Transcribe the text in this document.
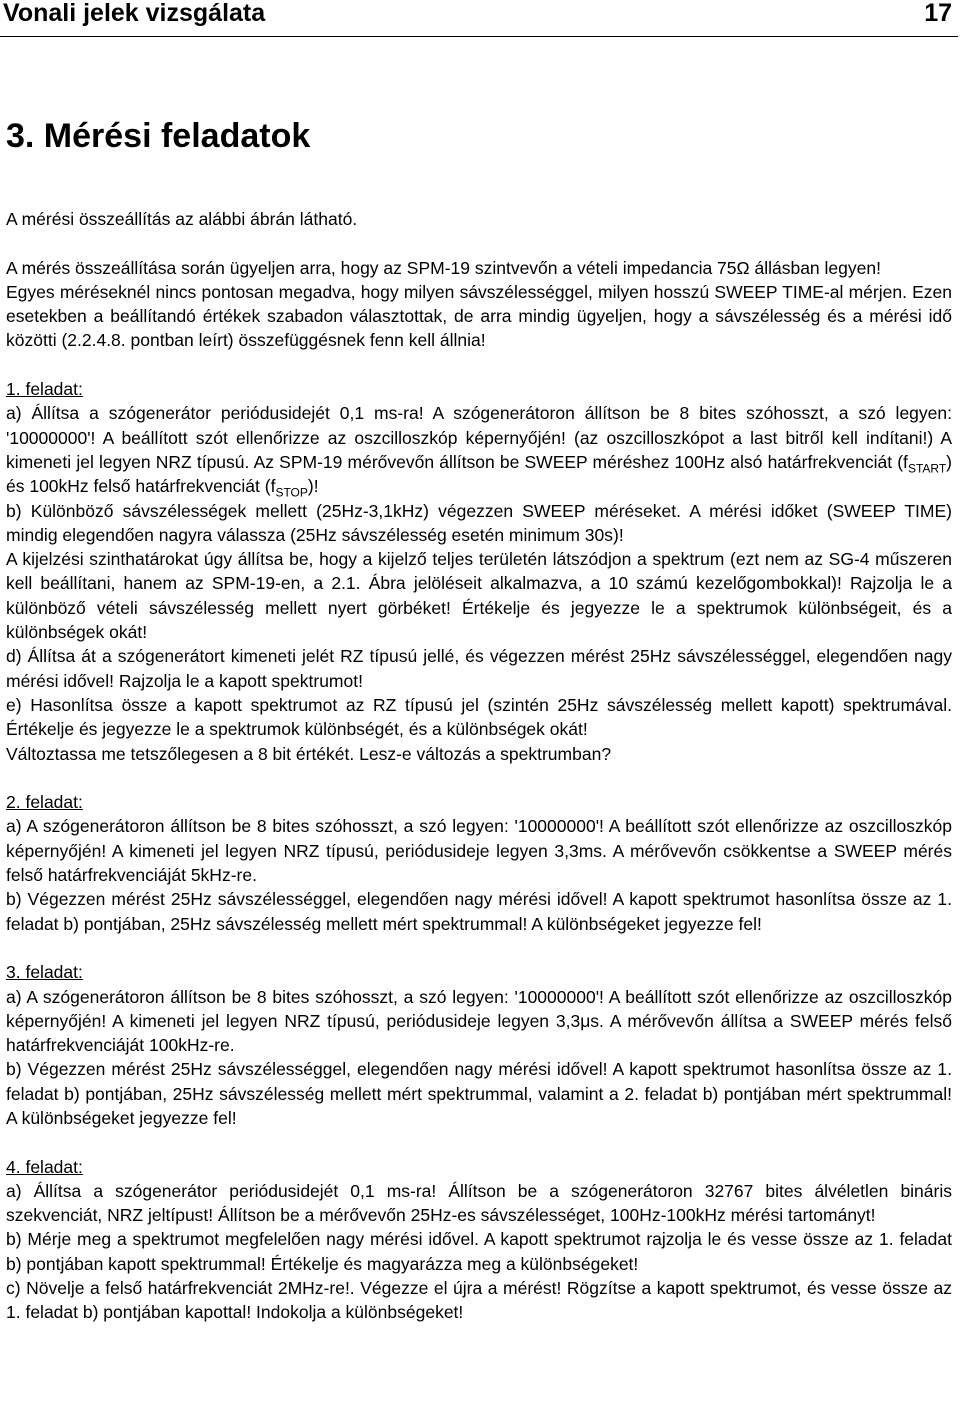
Vonali jelek vizsgálata	17
3. Mérési feladatok

A mérési összeállítás az alábbi ábrán látható.

A mérés összeállítása során ügyeljen arra, hogy az SPM-19 szintvevőn a vételi impedancia 75Ω állásban legyen!

Egyes méréseknél nincs pontosan megadva, hogy milyen sávszélességgel, milyen hosszú SWEEP TIME-al mérjen. Ezen esetekben a beállítandó értékek szabadon választottak, de arra mindig ügyeljen, hogy a sávszélesség és a mérési idő közötti (2.2.4.8. pontban leírt) összefüggésnek fenn kell állnia!

1. feladat:

a) Állítsa a szógenerátor periódusidejét 0,1 ms-ra! A szógenerátoron állítson be 8 bites szóhosszt, a szó legyen: '10000000'! A beállított szót ellenőrizze az oszcilloszkóp képernyőjén! (az oszcilloszkópot a last bitről kell indítani!) A kimeneti jel legyen NRZ típusú. Az SPM-19 mérővevőn állítson be SWEEP méréshez 100Hz alsó határfrekvenciát $(f_{START})$ és 100kHz felső határfrekvenciát $(f_{STOP})$!

b) Különböző sávszélességek mellett (25Hz-3,1kHz) végezzen SWEEP méréseket. A mérési időket (SWEEP TIME) mindig elegendően nagyra válassza (25Hz sávszélesség esetén minimum 30s)!

A kijelzési szinthatárokat úgy állítsa be, hogy a kijelző teljes területén látszódjon a spektrum (ezt nem az SG-4 műszeren kell beállítani, hanem az SPM-19-en, a 2.1. Ábra jelöléseit alkalmazva, a 10 számú kezelőgombokkal)! Rajzolja le a különböző vételi sávszélesség mellett nyert görbéket! Értékelje és jegyezze le a spektrumok különbségeit, és a különbségek okát!

d) Állítsa át a szógenerátort kimeneti jelét RZ típusú jellé, és végezzen mérést 25Hz sávszélességgel, elegendően nagy mérési idővel! Rajzolja le a kapott spektrumot!

e) Hasonlítsa össze a kapott spektrumot az RZ típusú jel (szintén 25Hz sávszélesség mellett kapott) spektrumával. Értékelje és jegyezze le a spektrumok különbségét, és a különbségek okát!

Változtassa me tetszőlegesen a 8 bit értékét. Lesz-e változás a spektrumban?

2. feladat:

a) A szógenerátoron állítson be 8 bites szóhosszt, a szó legyen: '10000000'! A beállított szót ellenőrizze az oszcilloszkóp képernyőjén! A kimeneti jel legyen NRZ típusú, periódusideje legyen 3,3ms. A mérővevőn csökkentse a SWEEP mérés felső határfrekvenciáját 5kHz-re.

b) Végezzen mérést 25Hz sávszélességgel, elegendően nagy mérési idővel! A kapott spektrumot hasonlítsa össze az 1. feladat b) pontjában, 25Hz sávszélesség mellett mért spektrummal! A különbségeket jegyezze fel!

3. feladat:

a) A szógenerátoron állítson be 8 bites szóhosszt, a szó legyen: '10000000'! A beállított szót ellenőrizze az oszcilloszkóp képernyőjén! A kimeneti jel legyen NRZ típusú, periódusideje legyen 3,3μs. A mérővevőn állítsa a SWEEP mérés felső határfrekvenciáját 100kHz-re.

b) Végezzen mérést 25Hz sávszélességgel, elegendően nagy mérési idővel! A kapott spektrumot hasonlítsa össze az 1. feladat b) pontjában, 25Hz sávszélesség mellett mért spektrummal, valamint a 2. feladat b) pontjában mért spektrummal! A különbségeket jegyezze fel!

4. feladat:

a) Állítsa a szógenerátor periódusidejét 0,1 ms-ra! Állítson be a szógenerátoron 32767 bites álvéletlen bináris szekvenciát, NRZ jeltípust! Állítson be a mérővevőn 25Hz-es sávszélességet, 100Hz-100kHz mérési tartományt!

b) Mérje meg a spektrumot megfelelően nagy mérési idővel. A kapott spektrumot rajzolja le és vesse össze az 1. feladat b) pontjában kapott spektrummal! Értékelje és magyarázza meg a különbségeket!

c) Növelje a felső határfrekvenciát 2MHz-re!. Végezze el újra a mérést! Rögzítse a kapott spektrumot, és vesse össze az 1. feladat b) pontjában kapottal! Indokolja a különbségeket!
